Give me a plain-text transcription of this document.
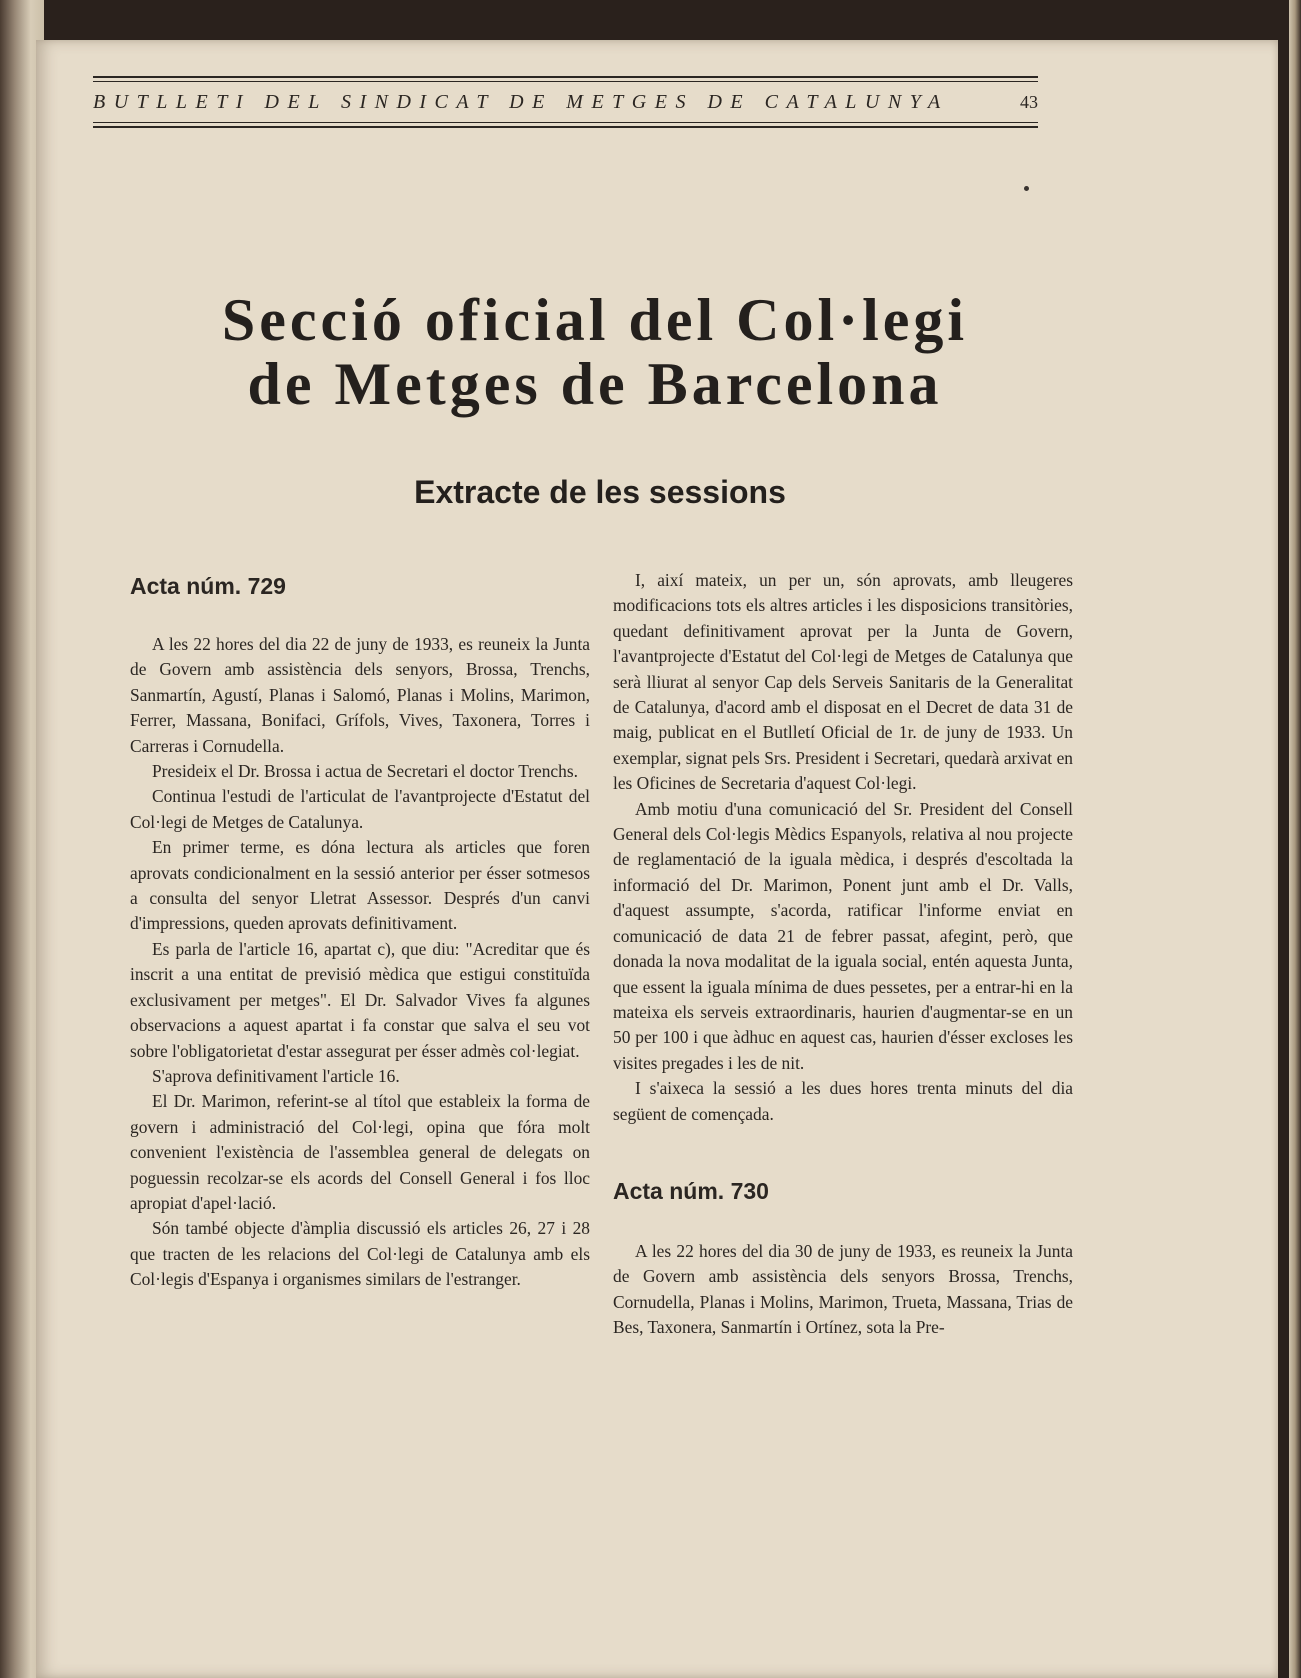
BUTLLETI DEL SINDICAT DE METGES DE CATALUNYA	43
Secció oficial del Col·legi
de Metges de Barcelona
Extracte de les sessions
Acta núm. 729

A les 22 hores del dia 22 de juny de 1933, es reuneix la Junta de Govern amb assistència dels senyors, Brossa, Trenchs, Sanmartín, Agustí, Planas i Salomó, Planas i Molins, Marimon, Ferrer, Massana, Bonifaci, Grífols, Vives, Taxonera, Torres i Carreras i Cornudella.

Presideix el Dr. Brossa i actua de Secretari el doctor Trenchs.

Continua l'estudi de l'articulat de l'avantprojecte d'Estatut del Col·legi de Metges de Catalunya.

En primer terme, es dóna lectura als articles que foren aprovats condicionalment en la sessió anterior per ésser sotmesos a consulta del senyor Lletrat Assessor. Després d'un canvi d'impressions, queden aprovats definitivament.

Es parla de l'article 16, apartat c), que diu: "Acreditar que és inscrit a una entitat de previsió mèdica que estigui constituïda exclusivament per metges". El Dr. Salvador Vives fa algunes observacions a aquest apartat i fa constar que salva el seu vot sobre l'obligatorietat d'estar assegurat per ésser admès col·legiat.

S'aprova definitivament l'article 16.

El Dr. Marimon, referint-se al títol que estableix la forma de govern i administració del Col·legi, opina que fóra molt convenient l'existència de l'assemblea general de delegats on poguessin recolzar-se els acords del Consell General i fos lloc apropiat d'apel·lació.

Són també objecte d'àmplia discussió els articles 26, 27 i 28 que tracten de les relacions del Col·legi de Catalunya amb els Col·legis d'Espanya i organismes similars de l'estranger.

I, així mateix, un per un, són aprovats, amb lleugeres modificacions tots els altres articles i les disposicions transitòries, quedant definitivament aprovat per la Junta de Govern, l'avantprojecte d'Estatut del Col·legi de Metges de Catalunya que serà lliurat al senyor Cap dels Serveis Sanitaris de la Generalitat de Catalunya, d'acord amb el disposat en el Decret de data 31 de maig, publicat en el Butlletí Oficial de 1r. de juny de 1933. Un exemplar, signat pels Srs. President i Secretari, quedarà arxivat en les Oficines de Secretaria d'aquest Col·legi.

Amb motiu d'una comunicació del Sr. President del Consell General dels Col·legis Mèdics Espanyols, relativa al nou projecte de reglamentació de la iguala mèdica, i després d'escoltada la informació del Dr. Marimon, Ponent junt amb el Dr. Valls, d'aquest assumpte, s'acorda, ratificar l'informe enviat en comunicació de data 21 de febrer passat, afegint, però, que donada la nova modalitat de la iguala social, entén aquesta Junta, que essent la iguala mínima de dues pessetes, per a entrar-hi en la mateixa els serveis extraordinaris, haurien d'augmentar-se en un 50 per 100 i que àdhuc en aquest cas, haurien d'ésser excloses les visites pregades i les de nit.

I s'aixeca la sessió a les dues hores trenta minuts del dia següent de començada.

Acta núm. 730

A les 22 hores del dia 30 de juny de 1933, es reuneix la Junta de Govern amb assistència dels senyors Brossa, Trenchs, Cornudella, Planas i Molins, Marimon, Trueta, Massana, Trias de Bes, Taxonera, Sanmartín i Ortínez, sota la Pre-
